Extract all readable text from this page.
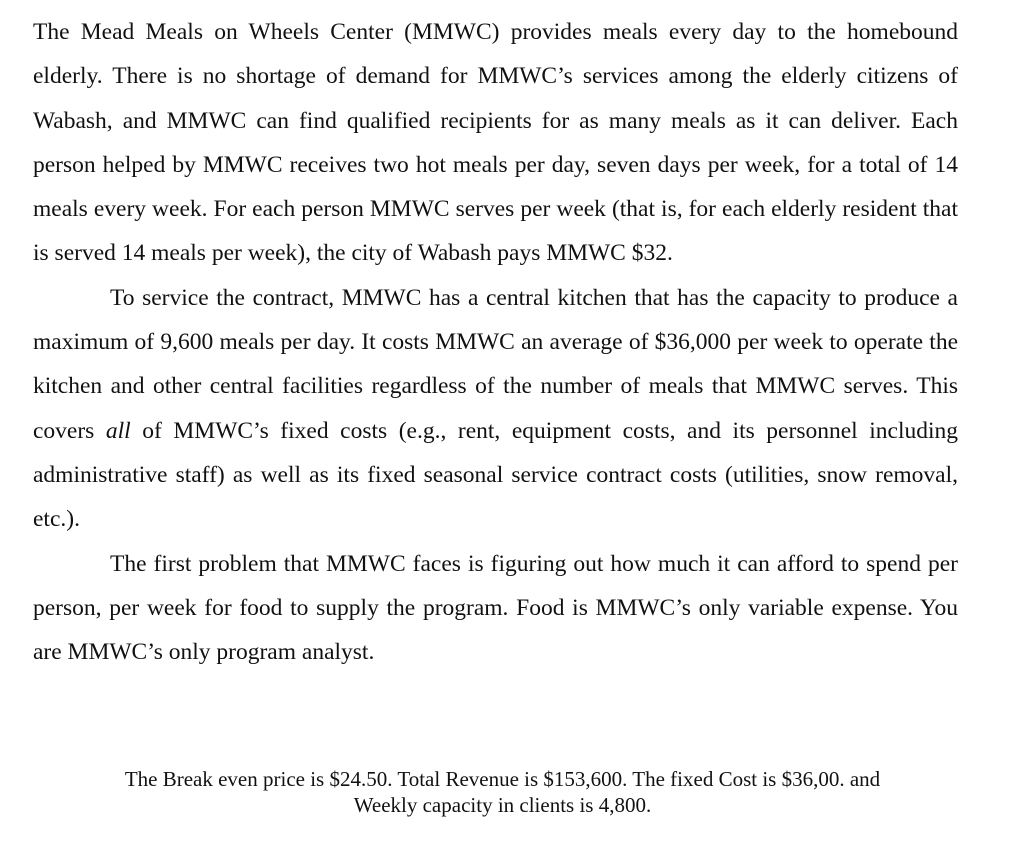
The Mead Meals on Wheels Center (MMWC) provides meals every day to the homebound elderly. There is no shortage of demand for MMWC’s services among the elderly citizens of Wabash, and MMWC can find qualified recipients for as many meals as it can deliver. Each person helped by MMWC receives two hot meals per day, seven days per week, for a total of 14 meals every week. For each person MMWC serves per week (that is, for each elderly resident that is served 14 meals per week), the city of Wabash pays MMWC $32.

To service the contract, MMWC has a central kitchen that has the capacity to produce a maximum of 9,600 meals per day. It costs MMWC an average of $36,000 per week to operate the kitchen and other central facilities regardless of the number of meals that MMWC serves. This covers all of MMWC’s fixed costs (e.g., rent, equipment costs, and its personnel including administrative staff) as well as its fixed seasonal service contract costs (utilities, snow removal, etc.).

The first problem that MMWC faces is figuring out how much it can afford to spend per person, per week for food to supply the program. Food is MMWC’s only variable expense. You are MMWC’s only program analyst.

The Break even price is $24.50. Total Revenue is $153,600. The fixed Cost is $36,00. and
Weekly capacity in clients is 4,800.
